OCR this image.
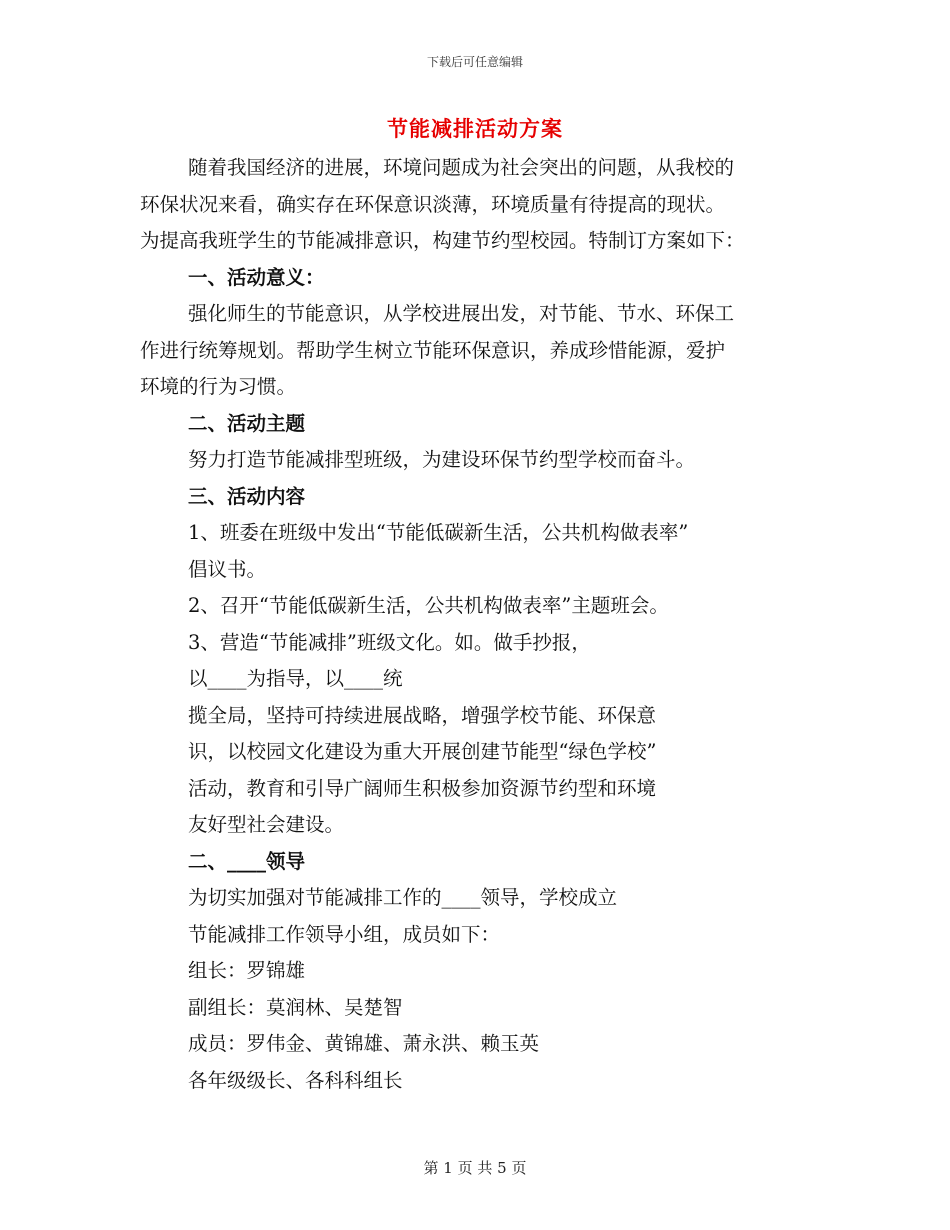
下载后可任意编辑
节能减排活动方案
随着我国经济的进展，环境问题成为社会突出的问题，从我校的
环保状况来看，确实存在环保意识淡薄，环境质量有待提高的现状。
为提高我班学生的节能减排意识，构建节约型校园。特制订方案如下：
一、活动意义：
强化师生的节能意识，从学校进展出发，对节能、节水、环保工
作进行统筹规划。帮助学生树立节能环保意识，养成珍惜能源，爱护
环境的行为习惯。
二、活动主题
努力打造节能减排型班级，为建设环保节约型学校而奋斗。
三、活动内容
1、班委在班级中发出“节能低碳新生活，公共机构做表率”
倡议书。
2、召开“节能低碳新生活，公共机构做表率”主题班会。
3、营造“节能减排”班级文化。如。做手抄报，
以____为指导，以____统
揽全局，坚持可持续进展战略，增强学校节能、环保意
识，以校园文化建设为重大开展创建节能型“绿色学校”
活动，教育和引导广阔师生积极参加资源节约型和环境
友好型社会建设。
二、____领导
为切实加强对节能减排工作的____领导，学校成立
节能减排工作领导小组，成员如下：
组长：罗锦雄
副组长：莫润林、吴楚智
成员：罗伟金、黄锦雄、萧永洪、赖玉英
各年级级长、各科科组长
第 1 页 共 5 页
